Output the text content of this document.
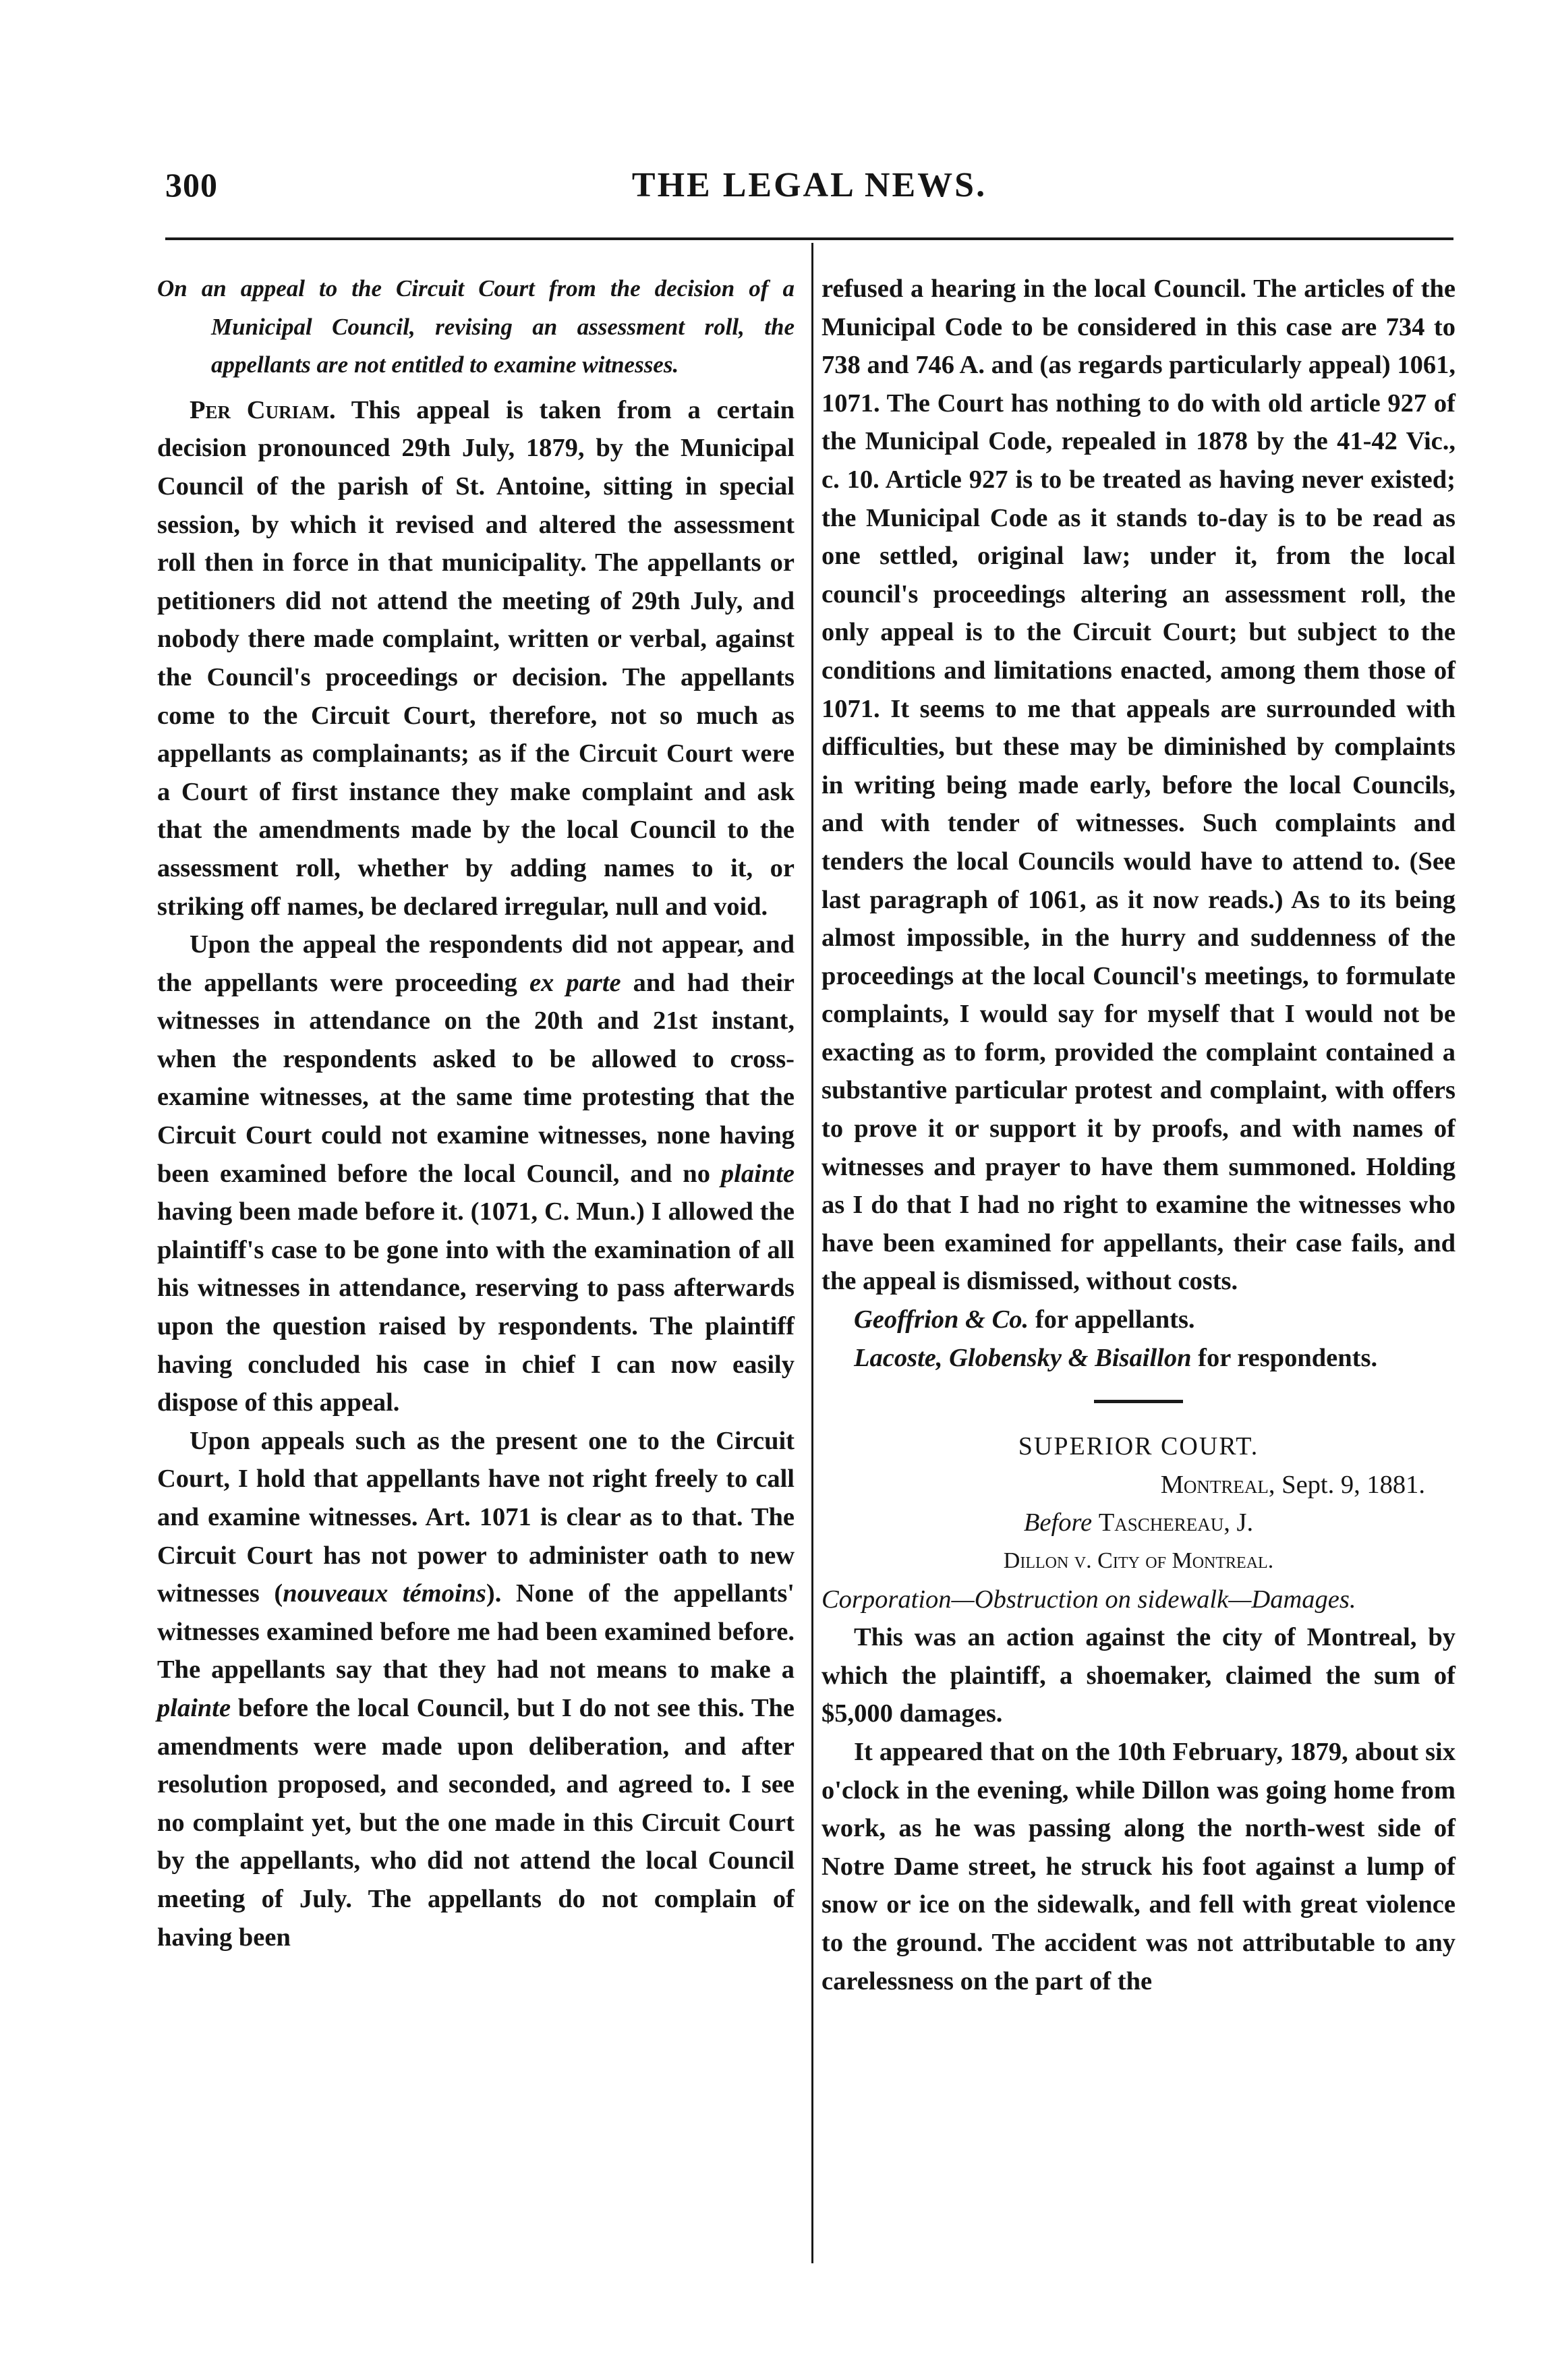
300	THE LEGAL NEWS.

On an appeal to the Circuit Court from the decision of a Municipal Council, revising an assessment roll, the appellants are not entitled to examine witnesses.

Per Curiam. This appeal is taken from a certain decision pronounced 29th July, 1879, by the Municipal Council of the parish of St. Antoine, sitting in special session, by which it revised and altered the assessment roll then in force in that municipality. The appellants or petitioners did not attend the meeting of 29th July, and nobody there made complaint, written or verbal, against the Council's proceedings or decision. The appellants come to the Circuit Court, therefore, not so much as appellants as complainants; as if the Circuit Court were a Court of first instance they make complaint and ask that the amendments made by the local Council to the assessment roll, whether by adding names to it, or striking off names, be declared irregular, null and void.

Upon the appeal the respondents did not appear, and the appellants were proceeding ex parte and had their witnesses in attendance on the 20th and 21st instant, when the respondents asked to be allowed to cross-examine witnesses, at the same time protesting that the Circuit Court could not examine witnesses, none having been examined before the local Council, and no plainte having been made before it. (1071, C. Mun.) I allowed the plaintiff's case to be gone into with the examination of all his witnesses in attendance, reserving to pass afterwards upon the question raised by respondents. The plaintiff having concluded his case in chief I can now easily dispose of this appeal.

Upon appeals such as the present one to the Circuit Court, I hold that appellants have not right freely to call and examine witnesses. Art. 1071 is clear as to that. The Circuit Court has not power to administer oath to new witnesses (nouveaux témoins). None of the appellants' witnesses examined before me had been examined before. The appellants say that they had not means to make a plainte before the local Council, but I do not see this. The amendments were made upon deliberation, and after resolution proposed, and seconded, and agreed to. I see no complaint yet, but the one made in this Circuit Court by the appellants, who did not attend the local Council meeting of July. The appellants do not complain of having been

refused a hearing in the local Council. The articles of the Municipal Code to be considered in this case are 734 to 738 and 746 A. and (as regards particularly appeal) 1061, 1071. The Court has nothing to do with old article 927 of the Municipal Code, repealed in 1878 by the 41-42 Vic., c. 10. Article 927 is to be treated as having never existed; the Municipal Code as it stands to-day is to be read as one settled, original law; under it, from the local council's proceedings altering an assessment roll, the only appeal is to the Circuit Court; but subject to the conditions and limitations enacted, among them those of 1071. It seems to me that appeals are surrounded with difficulties, but these may be diminished by complaints in writing being made early, before the local Councils, and with tender of witnesses. Such complaints and tenders the local Councils would have to attend to. (See last paragraph of 1061, as it now reads.) As to its being almost impossible, in the hurry and suddenness of the proceedings at the local Council's meetings, to formulate complaints, I would say for myself that I would not be exacting as to form, provided the complaint contained a substantive particular protest and complaint, with offers to prove it or support it by proofs, and with names of witnesses and prayer to have them summoned. Holding as I do that I had no right to examine the witnesses who have been examined for appellants, their case fails, and the appeal is dismissed, without costs.

Geoffrion & Co. for appellants.

Lacoste, Globensky & Bisaillon for respondents.

SUPERIOR COURT.

Montreal, Sept. 9, 1881.

Before Taschereau, J.

Dillon v. City of Montreal.

Corporation—Obstruction on sidewalk—Damages.

This was an action against the city of Montreal, by which the plaintiff, a shoemaker, claimed the sum of $5,000 damages.

It appeared that on the 10th February, 1879, about six o'clock in the evening, while Dillon was going home from work, as he was passing along the north-west side of Notre Dame street, he struck his foot against a lump of snow or ice on the sidewalk, and fell with great violence to the ground. The accident was not attributable to any carelessness on the part of the
